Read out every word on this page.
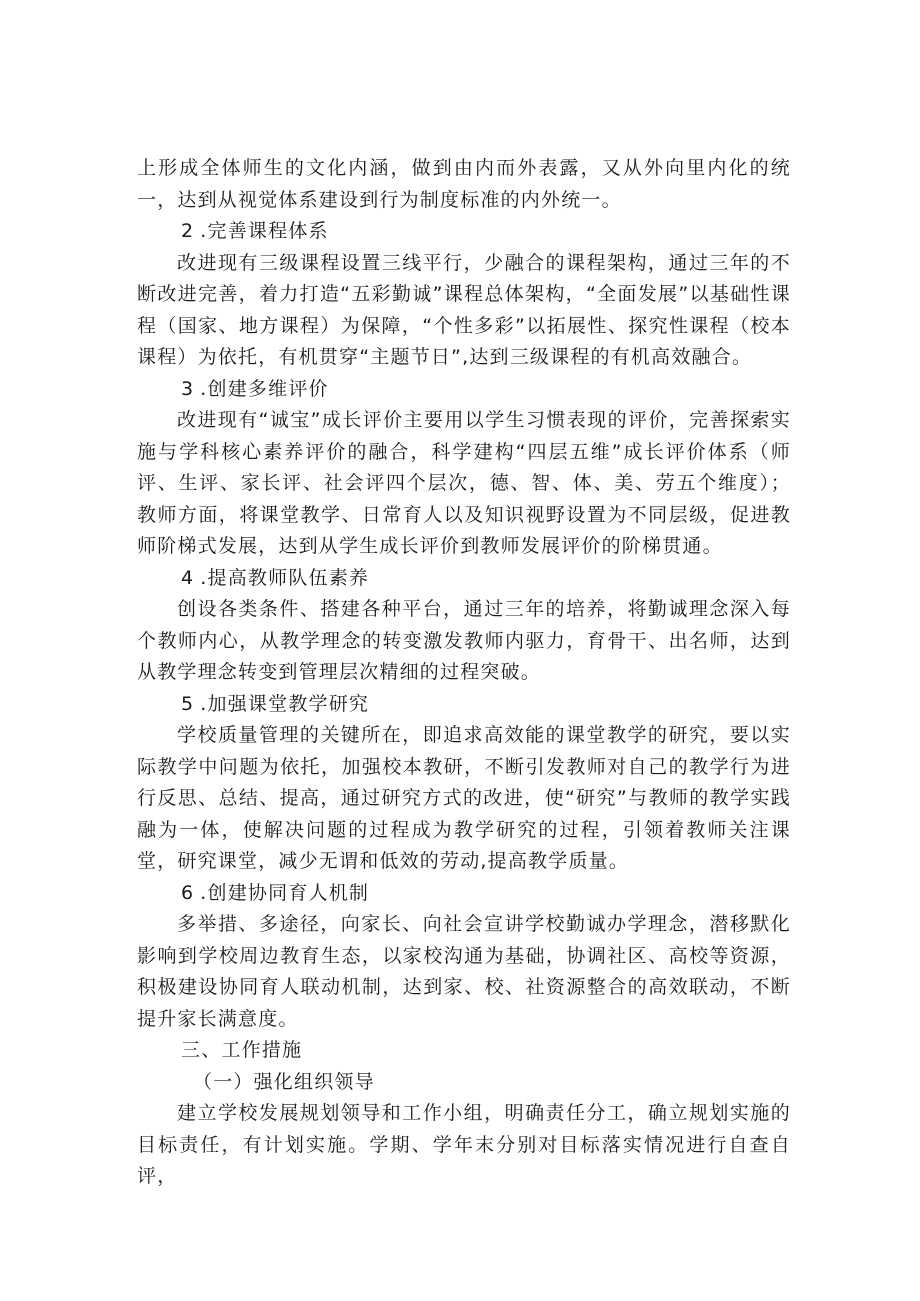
上形成全体师生的文化内涵，做到由内而外表露，又从外向里内化的统一，达到从视觉体系建设到行为制度标准的内外统一。

2 .完善课程体系

改进现有三级课程设置三线平行，少融合的课程架构，通过三年的不断改进完善，着力打造“五彩勤诚”课程总体架构，“全面发展”以基础性课程（国家、地方课程）为保障，“个性多彩”以拓展性、探究性课程（校本课程）为依托，有机贯穿“主题节日”,达到三级课程的有机高效融合。

3 .创建多维评价

改进现有“诚宝”成长评价主要用以学生习惯表现的评价，完善探索实施与学科核心素养评价的融合，科学建构“四层五维”成长评价体系（师评、生评、家长评、社会评四个层次，德、智、体、美、劳五个维度）；教师方面，将课堂教学、日常育人以及知识视野设置为不同层级，促进教师阶梯式发展，达到从学生成长评价到教师发展评价的阶梯贯通。

4 .提高教师队伍素养

创设各类条件、搭建各种平台，通过三年的培养，将勤诚理念深入每个教师内心，从教学理念的转变激发教师内驱力，育骨干、出名师，达到从教学理念转变到管理层次精细的过程突破。

5 .加强课堂教学研究

学校质量管理的关键所在，即追求高效能的课堂教学的研究，要以实际教学中问题为依托，加强校本教研，不断引发教师对自己的教学行为进行反思、总结、提高，通过研究方式的改进，使“研究”与教师的教学实践融为一体，使解决问题的过程成为教学研究的过程，引领着教师关注课堂，研究课堂，减少无谓和低效的劳动,提高教学质量。

6 .创建协同育人机制

多举措、多途径，向家长、向社会宣讲学校勤诚办学理念，潜移默化影响到学校周边教育生态，以家校沟通为基础，协调社区、高校等资源，积极建设协同育人联动机制，达到家、校、社资源整合的高效联动，不断提升家长满意度。

三、工作措施

（一）强化组织领导

建立学校发展规划领导和工作小组，明确责任分工，确立规划实施的目标责任，有计划实施。学期、学年末分别对目标落实情况进行自查自评，
